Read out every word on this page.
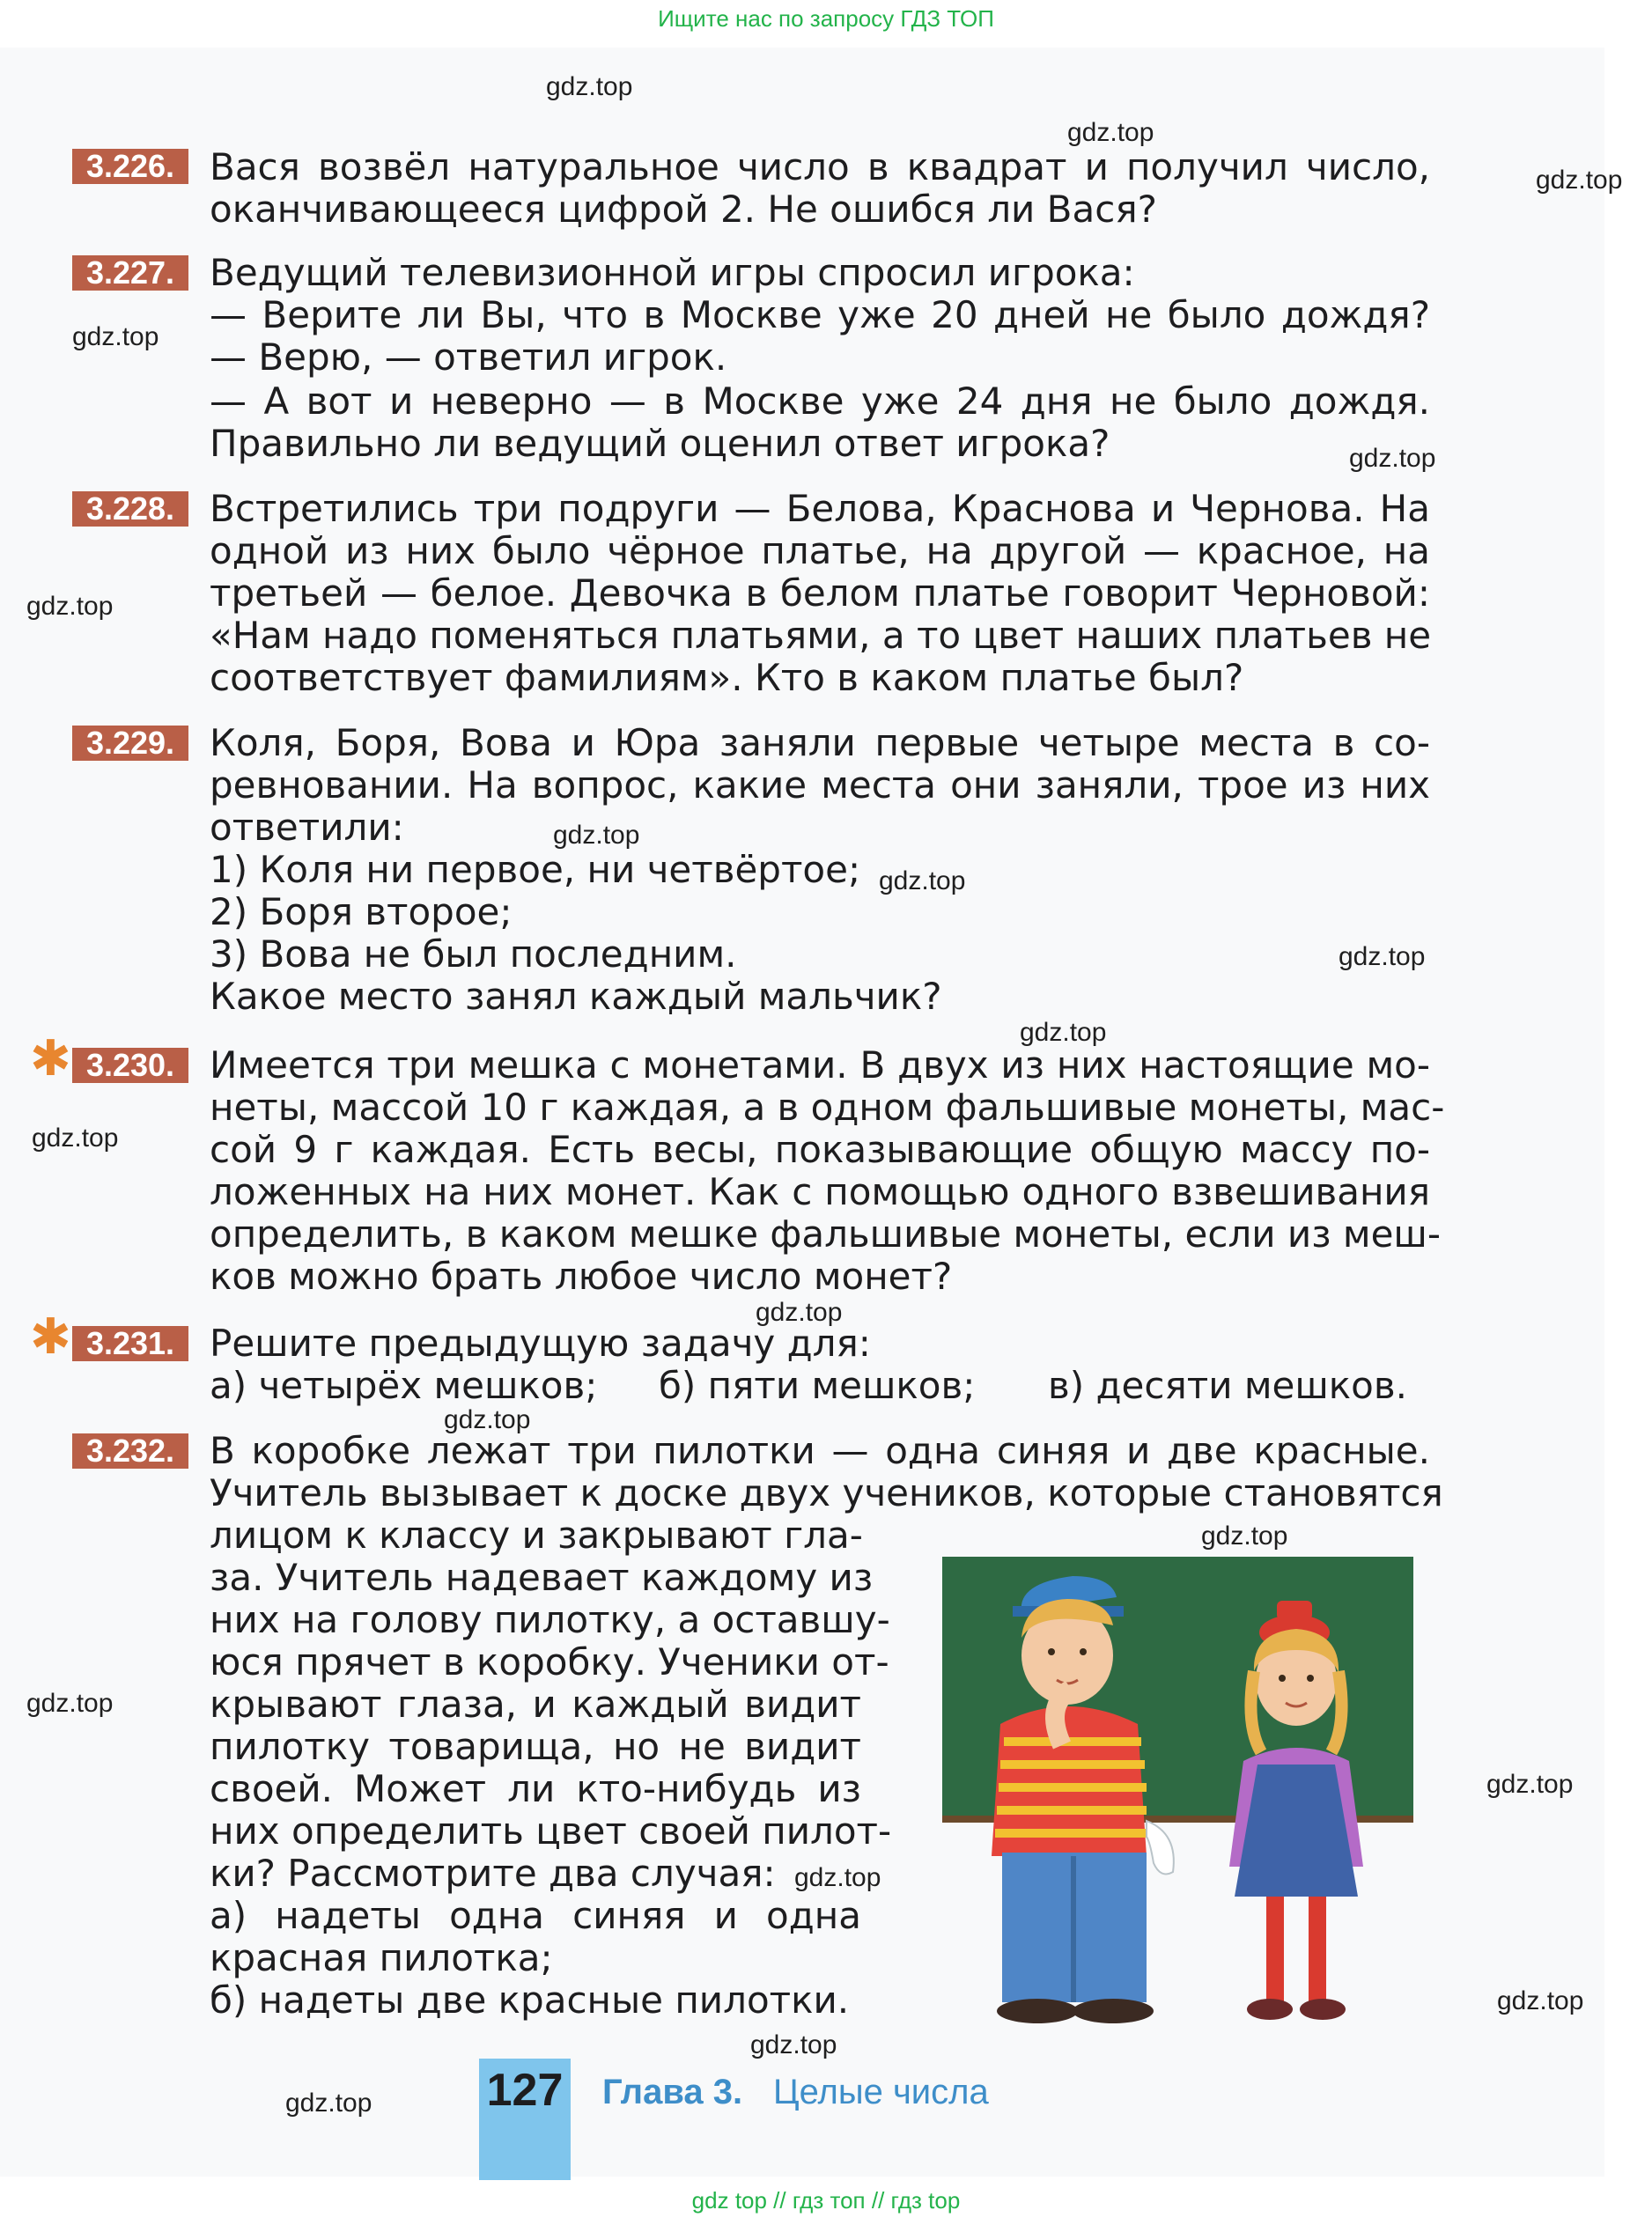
Ищите нас по запросу ГДЗ ТОП
3.226. Вася возвёл натуральное число в квадрат и получил число,
оканчивающееся цифрой 2. Не ошибся ли Вася?
3.227. Ведущий телевизионной игры спросил игрока:
— Верите ли Вы, что в Москве уже 20 дней не было дождя?
— Верю, — ответил игрок.
— А вот и неверно — в Москве уже 24 дня не было дождя.
Правильно ли ведущий оценил ответ игрока?
3.228. Встретились три подруги — Белова, Краснова и Чернова. На
одной из них было чёрное платье, на другой — красное, на
третьей — белое. Девочка в белом платье говорит Черновой:
«Нам надо поменяться платьями, а то цвет наших платьев не
соответствует фамилиям». Кто в каком платье был?
3.229. Коля, Боря, Вова и Юра заняли первые четыре места в со-
ревновании. На вопрос, какие места они заняли, трое из них
ответили:
1) Коля ни первое, ни четвёртое;
2) Боря второе;
3) Вова не был последним.
Какое место занял каждый мальчик?
✱ 3.230. Имеется три мешка с монетами. В двух из них настоящие мо-
неты, массой 10 г каждая, а в одном фальшивые монеты, мас-
сой 9 г каждая. Есть весы, показывающие общую массу по-
ложенных на них монет. Как с помощью одного взвешивания
определить, в каком мешке фальшивые монеты, если из меш-
ков можно брать любое число монет?
✱ 3.231. Решите предыдущую задачу для:
а) четырёх мешков; б) пяти мешков;	в) десяти мешков.
3.232. В коробке лежат три пилотки — одна синяя и две красные.
Учитель вызывает к доске двух учеников, которые становятся
лицом к классу и закрывают гла-
за. Учитель надевает каждому из
них на голову пилотку, а оставшу-
юся прячет в коробку. Ученики от-
крывают глаза, и каждый видит
пилотку товарища, но не видит
своей. Может ли кто-нибудь из
них определить цвет своей пилот-
ки? Рассмотрите два случая:
а) надеты одна синяя и одна
красная пилотка;
б) надеты две красные пилотки.
127 Глава 3. Целые числа
gdz top // гдз топ // гдз top
gdz.top
gdz.top
gdz.top
gdz.top
gdz.top
gdz.top
gdz.top
gdz.top
gdz.top
gdz.top
gdz.top
gdz.top
gdz.top
gdz.top
gdz.top
gdz.top
gdz.top
gdz.top
gdz.top
gdz.top
